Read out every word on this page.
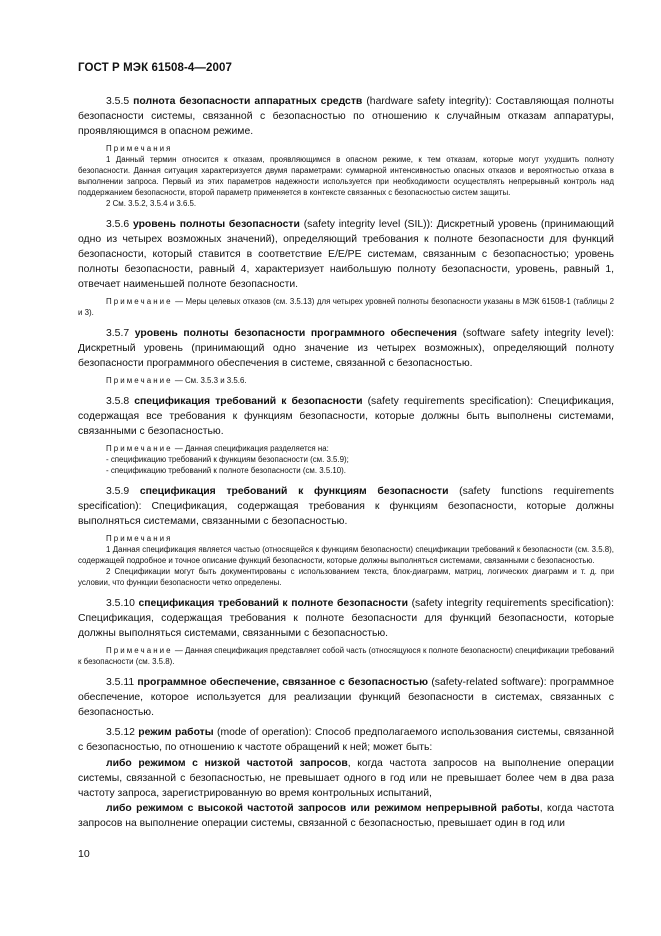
ГОСТ Р МЭК 61508-4—2007

3.5.5 полнота безопасности аппаратных средств (hardware safety integrity): Составляющая полноты безопасности системы, связанной с безопасностью по отношению к случайным отказам аппаратуры, проявляющимся в опасном режиме.

Примечания

1 Данный термин относится к отказам, проявляющимся в опасном режиме, к тем отказам, которые могут ухудшить полноту безопасности. Данная ситуация характеризуется двумя параметрами: суммарной интенсивностью опасных отказов и вероятностью отказа в выполнении запроса. Первый из этих параметров надежности используется при необходимости осуществлять непрерывный контроль над поддержанием безопасности, второй параметр применяется в контексте связанных с безопасностью систем защиты.

2 См. 3.5.2, 3.5.4 и 3.6.5.

3.5.6 уровень полноты безопасности (safety integrity level (SIL)): Дискретный уровень (принимающий одно из четырех возможных значений), определяющий требования к полноте безопасности для функций безопасности, который ставится в соответствие E/E/PE системам, связанным с безопасностью; уровень полноты безопасности, равный 4, характеризует наибольшую полноту безопасности, уровень, равный 1, отвечает наименьшей полноте безопасности.

Примечание — Меры целевых отказов (см. 3.5.13) для четырех уровней полноты безопасности указаны в МЭК 61508-1 (таблицы 2 и 3).

3.5.7 уровень полноты безопасности программного обеспечения (software safety integrity level): Дискретный уровень (принимающий одно значение из четырех возможных), определяющий полноту безопасности программного обеспечения в системе, связанной с безопасностью.

Примечание — См. 3.5.3 и 3.5.6.

3.5.8 спецификация требований к безопасности (safety requirements specification): Спецификация, содержащая все требования к функциям безопасности, которые должны быть выполнены системами, связанными с безопасностью.

Примечание — Данная спецификация разделяется на:

- спецификацию требований к функциям безопасности (см. 3.5.9);

- спецификацию требований к полноте безопасности (см. 3.5.10).

3.5.9 спецификация требований к функциям безопасности (safety functions requirements specification): Спецификация, содержащая требования к функциям безопасности, которые должны выполняться системами, связанными с безопасностью.

Примечания

1 Данная спецификация является частью (относящейся к функциям безопасности) спецификации требований к безопасности (см. 3.5.8), содержащей подробное и точное описание функций безопасности, которые должны выполняться системами, связанными с безопасностью.

2 Спецификации могут быть документированы с использованием текста, блок-диаграмм, матриц, логических диаграмм и т. д. при условии, что функции безопасности четко определены.

3.5.10 спецификация требований к полноте безопасности (safety integrity requirements specification): Спецификация, содержащая требования к полноте безопасности для функций безопасности, которые должны выполняться системами, связанными с безопасностью.

Примечание — Данная спецификация представляет собой часть (относящуюся к полноте безопасности) спецификации требований к безопасности (см. 3.5.8).

3.5.11 программное обеспечение, связанное с безопасностью (safety-related software): программное обеспечение, которое используется для реализации функций безопасности в системах, связанных с безопасностью.

3.5.12 режим работы (mode of operation): Способ предполагаемого использования системы, связанной с безопасностью, по отношению к частоте обращений к ней; может быть:

либо режимом с низкой частотой запросов, когда частота запросов на выполнение операции системы, связанной с безопасностью, не превышает одного в год или не превышает более чем в два раза частоту запроса, зарегистрированную во время контрольных испытаний,

либо режимом с высокой частотой запросов или режимом непрерывной работы, когда частота запросов на выполнение операции системы, связанной с безопасностью, превышает один в год или

10
